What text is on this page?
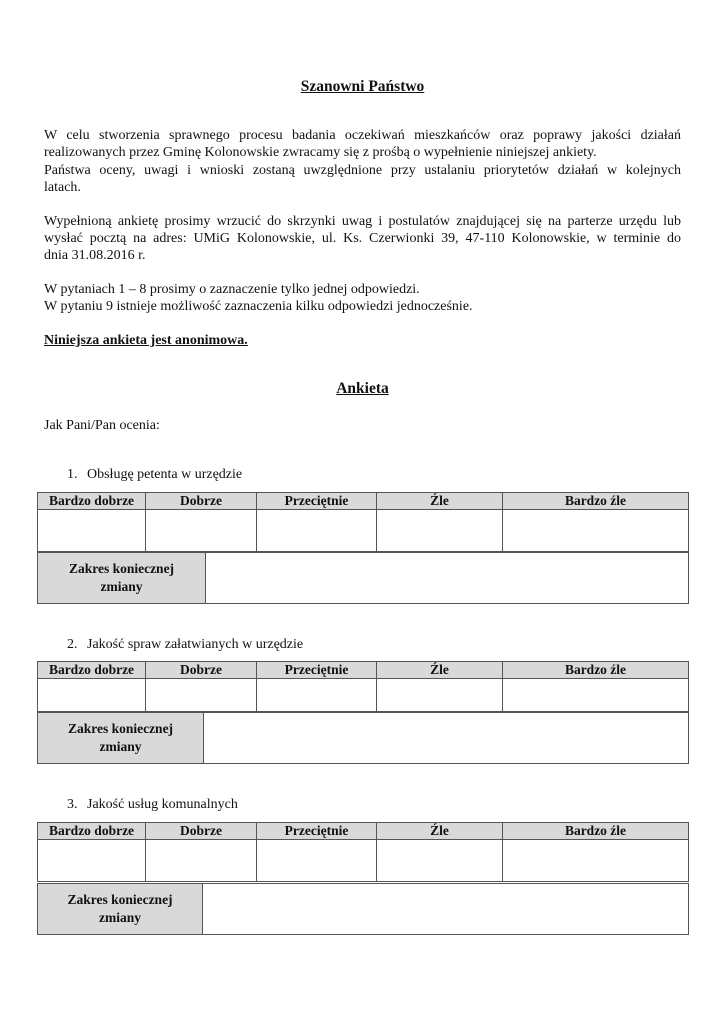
Szanowni Państwo
W celu stworzenia sprawnego procesu badania oczekiwań mieszkańców oraz poprawy jakości działań
realizowanych przez Gminę Kolonowskie zwracamy się z prośbą o wypełnienie niniejszej ankiety.
Państwa oceny, uwagi i wnioski zostaną uwzględnione przy ustalaniu priorytetów działań w kolejnych
latach.
Wypełnioną ankietę prosimy wrzucić do skrzynki uwag i postulatów znajdującej się na parterze urzędu lub
wysłać pocztą na adres: UMiG Kolonowskie, ul. Ks. Czerwionki 39, 47-110 Kolonowskie, w terminie do
dnia 31.08.2016 r.
W pytaniach 1 – 8 prosimy o zaznaczenie tylko jednej odpowiedzi.
W pytaniu 9 istnieje możliwość zaznaczenia kilku odpowiedzi jednocześnie.
Niniejsza ankieta jest anonimowa.
Ankieta
Jak Pani/Pan ocenia:
1. Obsługę petenta w urzędzie
Bardzo dobrze	Dobrze	Przeciętnie	Źle	Bardzo źle

Zakres koniecznej
zmiany	
2. Jakość spraw załatwianych w urzędzie
Bardzo dobrze	Dobrze	Przeciętnie	Źle	Bardzo źle

Zakres koniecznej
zmiany	
3. Jakość usług komunalnych
Bardzo dobrze	Dobrze	Przeciętnie	Źle	Bardzo źle

Zakres koniecznej
zmiany	
